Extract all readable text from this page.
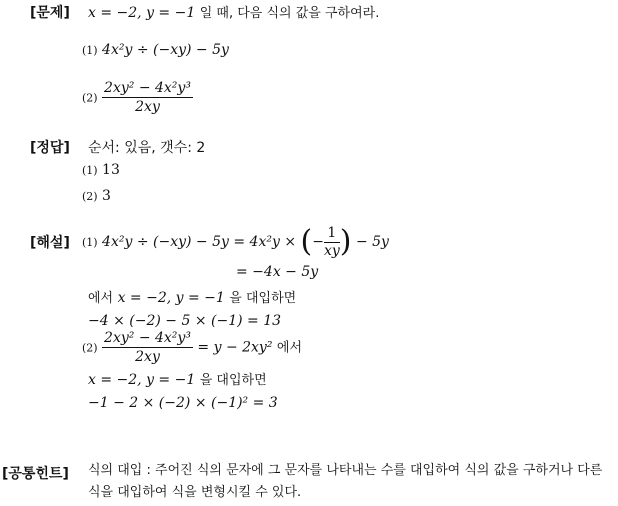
[문제] x = −2, y = −1 일 때, 다음 식의 값을 구하여라.
(1) 4x²y ÷ (−xy) − 5y
$(2) \frac{\text{2xy² − 4x²y³}}{2xy}$
[정답] 순서: 있음, 갯수: 2
(1) 13
(2) 3
[해설] (1) 4x²y ÷ (−xy) − 5y = 4x²y × (− $\frac{1}{xy}$ ) − 5y
= −4x − 5y
에서 x = −2, y = −1 을 대입하면
−4 × (−2) − 5 × (−1) = 13
$(2) \frac{\text{2xy² − 4x²y³}}{2xy} = y - 2xy^2$ 에서
x = −2, y = −1 을 대입하면
−1 − 2 × (−2) × (−1)² = 3
[공통힌트] 식의 대입 : 주어진 식의 문자에 그 문자를 나타내는 수를 대입하여 식의 값을 구하거나 다른 식을 대입하여 식을 변형시킬 수 있다.
